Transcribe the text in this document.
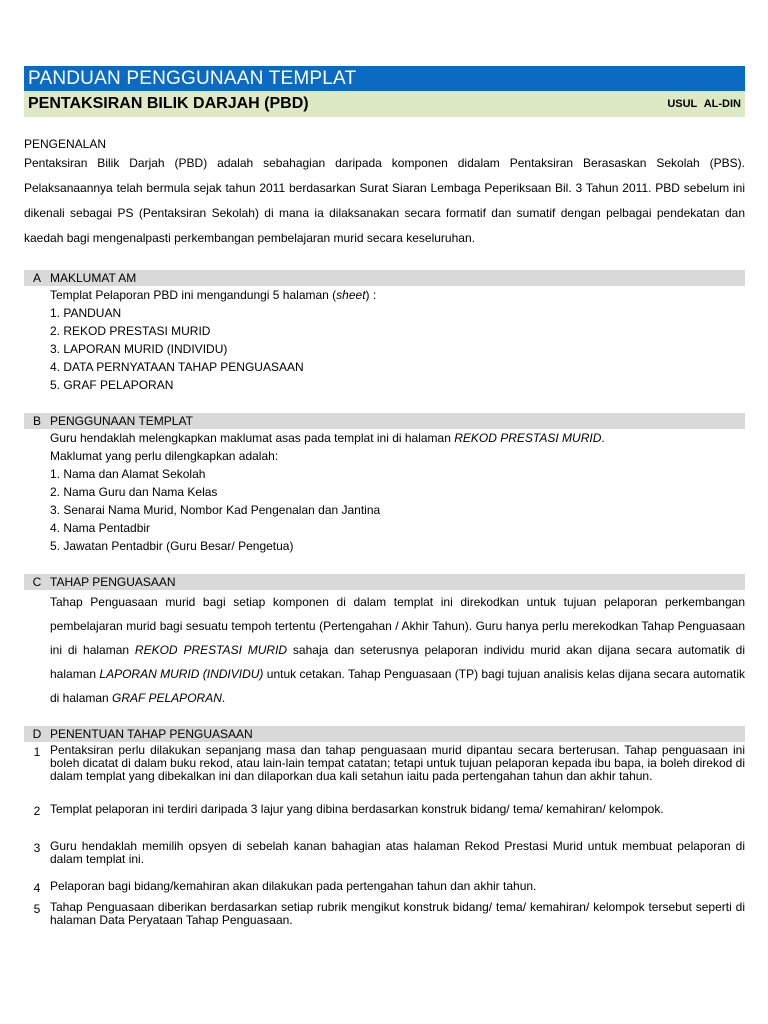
PANDUAN PENGGUNAAN TEMPLAT
PENTAKSIRAN BILIK DARJAH (PBD)	USUL AL-DIN
PENGENALAN

Pentaksiran Bilik Darjah (PBD) adalah sebahagian daripada komponen didalam Pentaksiran Berasaskan Sekolah (PBS). Pelaksanaannya telah bermula sejak tahun 2011 berdasarkan Surat Siaran Lembaga Peperiksaan Bil. 3 Tahun 2011. PBD sebelum ini dikenali sebagai PS (Pentaksiran Sekolah) di mana ia dilaksanakan secara formatif dan sumatif dengan pelbagai pendekatan dan kaedah bagi mengenalpasti perkembangan pembelajaran murid secara keseluruhan.

A MAKLUMAT AM
Templat Pelaporan PBD ini mengandungi 5 halaman (sheet) :
1. PANDUAN
2. REKOD PRESTASI MURID
3. LAPORAN MURID (INDIVIDU)
4. DATA PERNYATAAN TAHAP PENGUASAAN
5. GRAF PELAPORAN
B PENGGUNAAN TEMPLAT
Guru hendaklah melengkapkan maklumat asas pada templat ini di halaman REKOD PRESTASI MURID.
Maklumat yang perlu dilengkapkan adalah:
1. Nama dan Alamat Sekolah
2. Nama Guru dan Nama Kelas
3. Senarai Nama Murid, Nombor Kad Pengenalan dan Jantina
4. Nama Pentadbir
5. Jawatan Pentadbir (Guru Besar/ Pengetua)
C TAHAP PENGUASAAN

Tahap Penguasaan murid bagi setiap komponen di dalam templat ini direkodkan untuk tujuan pelaporan perkembangan pembelajaran murid bagi sesuatu tempoh tertentu (Pertengahan / Akhir Tahun). Guru hanya perlu merekodkan Tahap Penguasaan ini di halaman REKOD PRESTASI MURID sahaja dan seterusnya pelaporan individu murid akan dijana secara automatik di halaman LAPORAN MURID (INDIVIDU) untuk cetakan. Tahap Penguasaan (TP) bagi tujuan analisis kelas dijana secara automatik di halaman GRAF PELAPORAN.

D PENENTUAN TAHAP PENGUASAAN
1 Pentaksiran perlu dilakukan sepanjang masa dan tahap penguasaan murid dipantau secara berterusan. Tahap penguasaan ini boleh dicatat di dalam buku rekod, atau lain-lain tempat catatan; tetapi untuk tujuan pelaporan kepada ibu bapa, ia boleh direkod di dalam templat yang dibekalkan ini dan dilaporkan dua kali setahun iaitu pada pertengahan tahun dan akhir tahun.
2 Templat pelaporan ini terdiri daripada 3 lajur yang dibina berdasarkan konstruk bidang/ tema/ kemahiran/ kelompok.
3 Guru hendaklah memilih opsyen di sebelah kanan bahagian atas halaman Rekod Prestasi Murid untuk membuat pelaporan di dalam templat ini.
4 Pelaporan bagi bidang/kemahiran akan dilakukan pada pertengahan tahun dan akhir tahun.
5 Tahap Penguasaan diberikan berdasarkan setiap rubrik mengikut konstruk bidang/ tema/ kemahiran/ kelompok tersebut seperti di halaman Data Peryataan Tahap Penguasaan.
